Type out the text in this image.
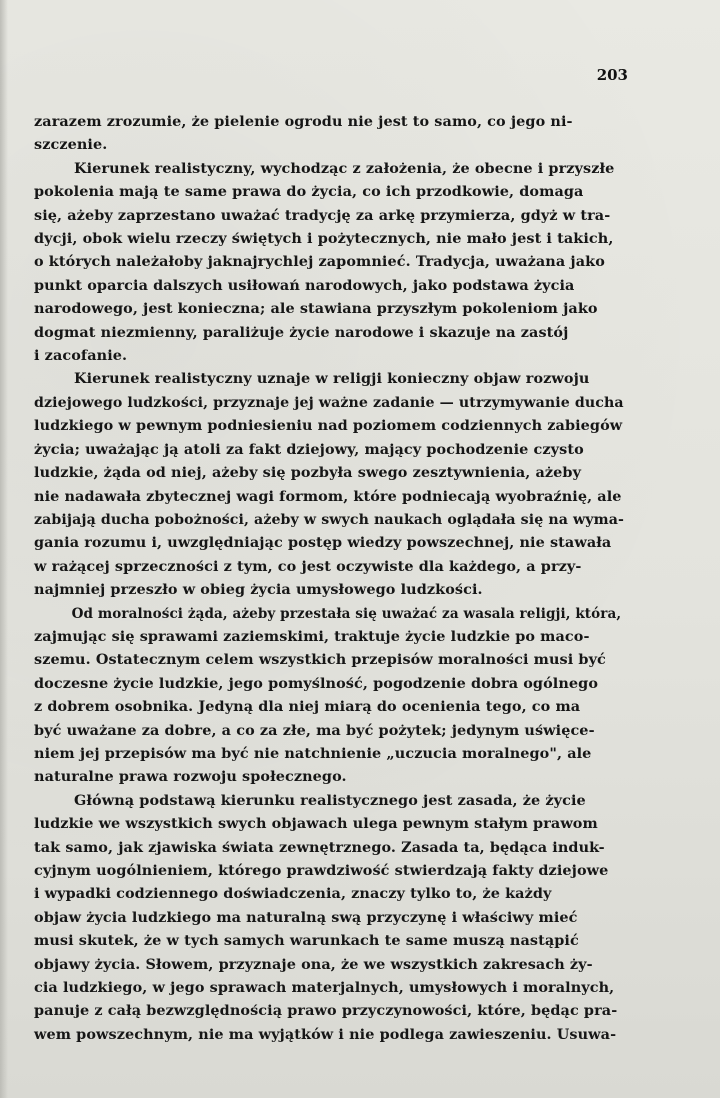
203

zarazem zrozumie, że pielenie ogrodu nie jest to samo, co jego ni-
szczenie.

Kierunek realistyczny, wychodząc z założenia, że obecne i przyszłe
pokolenia mają te same prawa do życia, co ich przodkowie, domaga
się, ażeby zaprzestano uważać tradycję za arkę przymierza, gdyż w tra-
dycji, obok wielu rzeczy świętych i pożytecznych, nie mało jest i takich,
o których należałoby jaknajrychlej zapomnieć. Tradycja, uważana jako
punkt oparcia dalszych usiłowań narodowych, jako podstawa życia
narodowego, jest konieczna; ale stawiana przyszłym pokoleniom jako
dogmat niezmienny, paraliżuje życie narodowe i skazuje na zastój
i zacofanie.

Kierunek realistyczny uznaje w religji konieczny objaw rozwoju
dziejowego ludzkości, przyznaje jej ważne zadanie — utrzymywanie ducha
ludzkiego w pewnym podniesieniu nad poziomem codziennych zabiegów
życia; uważając ją atoli za fakt dziejowy, mający pochodzenie czysto
ludzkie, żąda od niej, ażeby się pozbyła swego zesztywnienia, ażeby
nie nadawała zbytecznej wagi formom, które podniecają wyobraźnię, ale
zabijają ducha pobożności, ażeby w swych naukach oglądała się na wyma-
gania rozumu i, uwzględniając postęp wiedzy powszechnej, nie stawała
w rażącej sprzeczności z tym, co jest oczywiste dla każdego, a przy-
najmniej przeszło w obieg życia umysłowego ludzkości.

Od moralności żąda, ażeby przestała się uważać za wasala religji, która,
zajmując się sprawami zaziemskimi, traktuje życie ludzkie po maco-
szemu. Ostatecznym celem wszystkich przepisów moralności musi być
doczesne życie ludzkie, jego pomyślność, pogodzenie dobra ogólnego
z dobrem osobnika. Jedyną dla niej miarą do ocenienia tego, co ma
być uważane za dobre, a co za złe, ma być pożytek; jedynym uświęce-
niem jej przepisów ma być nie natchnienie „uczucia moralnego", ale
naturalne prawa rozwoju społecznego.

Główną podstawą kierunku realistycznego jest zasada, że życie
ludzkie we wszystkich swych objawach ulega pewnym stałym prawom
tak samo, jak zjawiska świata zewnętrznego. Zasada ta, będąca induk-
cyjnym uogólnieniem, którego prawdziwość stwierdzają fakty dziejowe
i wypadki codziennego doświadczenia, znaczy tylko to, że każdy
objaw życia ludzkiego ma naturalną swą przyczynę i właściwy mieć
musi skutek, że w tych samych warunkach te same muszą nastąpić
objawy życia. Słowem, przyznaje ona, że we wszystkich zakresach ży-
cia ludzkiego, w jego sprawach materjalnych, umysłowych i moralnych,
panuje z całą bezwzględnością prawo przyczynowości, które, będąc pra-
wem powszechnym, nie ma wyjątków i nie podlega zawieszeniu. Usuwa-
